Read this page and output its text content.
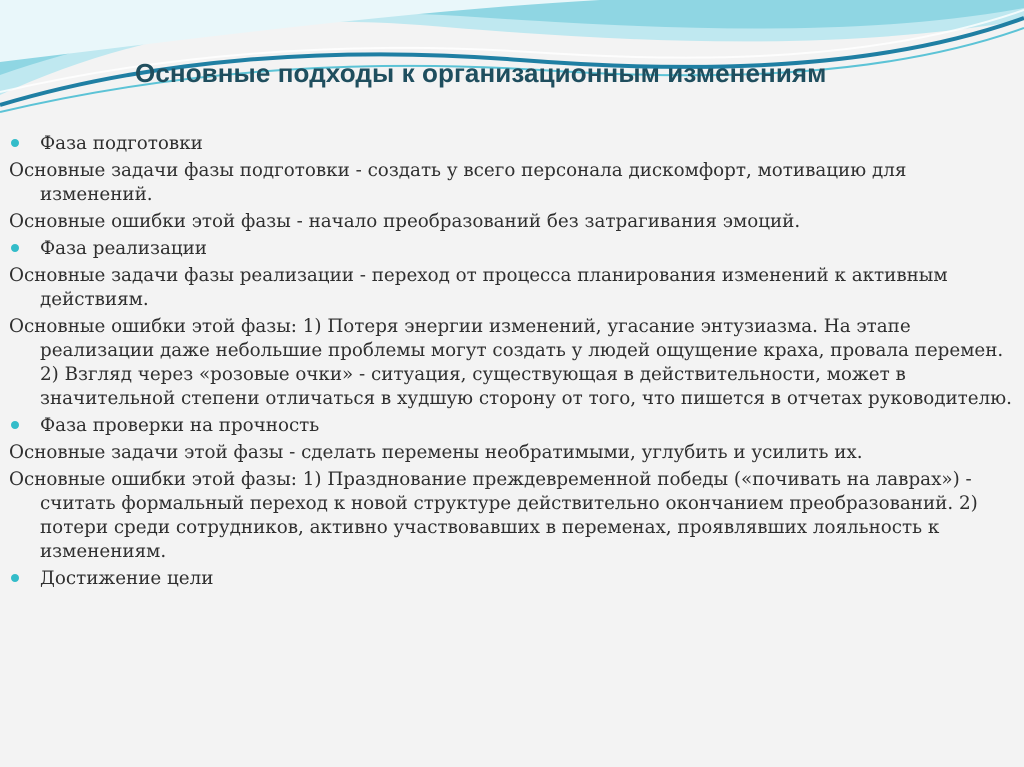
Основные подходы к организационным изменениям
Фаза подготовки
Основные задачи фазы подготовки - создать у всего персонала дискомфорт, мотивацию для изменений.
Основные ошибки этой фазы - начало преобразований без затрагивания эмоций.
Фаза реализации
Основные задачи фазы реализации - переход от процесса планирования изменений к активным действиям.
Основные ошибки этой фазы: 1) Потеря энергии изменений, угасание энтузиазма. На этапе реализации даже небольшие проблемы могут создать у людей ощущение краха, провала перемен. 2) Взгляд через «розовые очки» - ситуация, существующая в действительности, может в значительной степени отличаться в худшую сторону от того, что пишется в отчетах руководителю.
Фаза проверки на прочность
Основные задачи этой фазы - сделать перемены необратимыми, углубить и усилить их.
Основные ошибки этой фазы: 1) Празднование преждевременной победы («почивать на лаврах») - считать формальный переход к новой структуре действительно окончанием преобразований. 2) потери среди сотрудников, активно участвовавших в переменах, проявлявших лояльность к изменениям.
Достижение цели
